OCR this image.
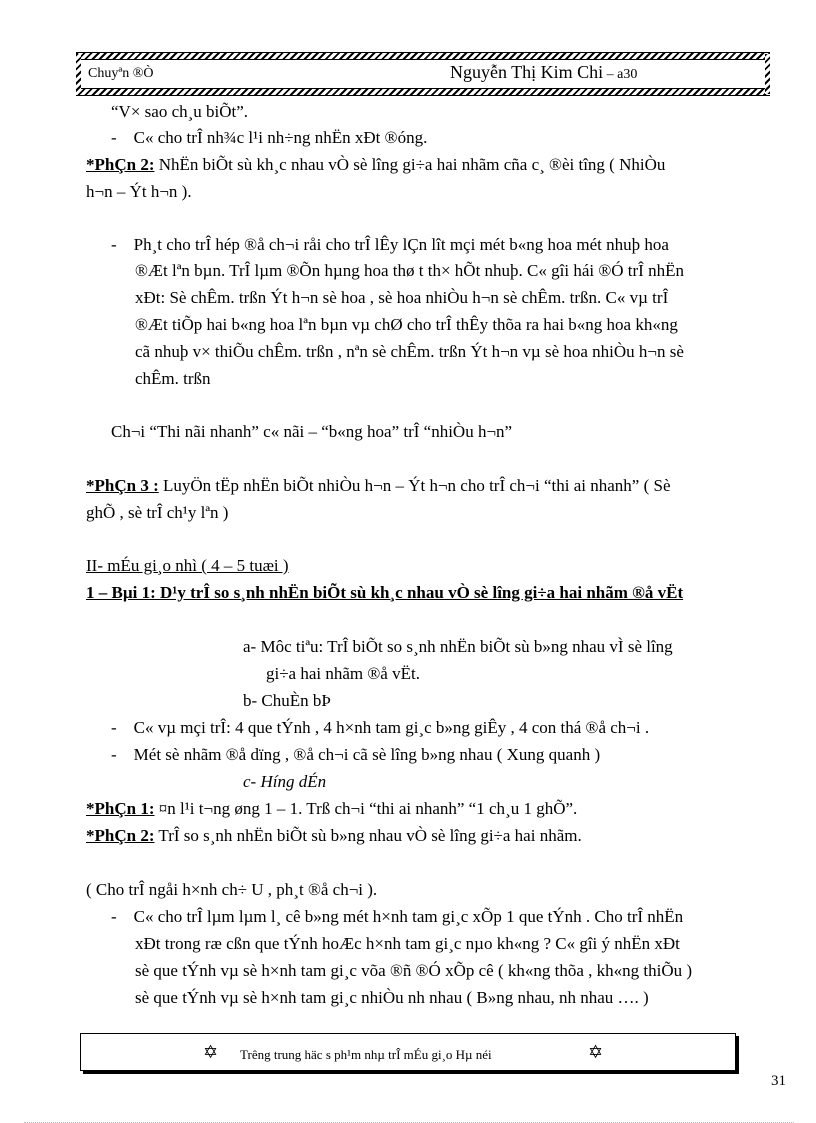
Chuyªn ®Ò	Nguyễn Thị Kim Chi – a30
“V× sao ch¸u biÕt”.
-    C« cho trÎ nh¾c l¹i nh÷ng nhËn xÐt ®óng.
*PhÇn 2: NhËn biÕt sù kh¸c nhau vÒ sè lîng gi÷a hai nhãm cña c¸ ®èi tîng ( NhiÒu
h¬n – Ýt h¬n ).
-    Ph¸t cho trÎ hép ®å ch¬i råi cho trÎ lÊy lÇn lît mçi mét b«ng hoa mét nhuþ hoa
®Æt lªn bµn. TrÎ lµm ®Õn hµng hoa thø t th× hÕt nhuþ. C« gîi hái ®Ó trÎ nhËn
xÐt: Sè chÊm. trßn Ýt h¬n sè hoa , sè hoa nhiÒu h¬n sè chÊm. trßn. C« vµ trÎ
®Æt tiÕp hai b«ng hoa lªn bµn vµ chØ cho trÎ thÊy thõa ra hai b«ng hoa kh«ng
cã nhuþ v× thiÕu chÊm. trßn , nªn sè chÊm. trßn Ýt h¬n vµ sè hoa nhiÒu h¬n sè
chÊm. trßn
Ch¬i “Thi nãi nhanh” c« nãi – “b«ng hoa” trÎ “nhiÒu h¬n”
*PhÇn 3 : LuyÖn tËp nhËn biÕt nhiÒu h¬n – Ýt h¬n cho trÎ ch¬i “thi ai nhanh” ( Sè
ghÕ , sè trÎ ch¹y lªn )
II- mÉu gi¸o nhì ( 4 – 5 tuæi )
1 – Bµi 1: D¹y trÎ so s¸nh nhËn biÕt sù kh¸c nhau vÒ sè lîng gi÷a hai nhãm ®å vËt
a- Môc tiªu: TrÎ biÕt so s¸nh nhËn biÕt sù b»ng nhau vÌ sè lîng
gi÷a hai nhãm ®å vËt.
b- ChuÈn bÞ
-    C« vµ mçi trÎ: 4 que tÝnh , 4 h×nh tam gi¸c b»ng giÊy , 4 con thá ®å ch¬i .
-    Mét sè nhãm ®å dïng , ®å ch¬i cã sè lîng b»ng nhau ( Xung quanh )
c- Híng dÉn
*PhÇn 1: ¤n l¹i t¬ng øng 1 – 1. Trß ch¬i “thi ai nhanh” “1 ch¸u 1 ghÕ”.
*PhÇn 2: TrÎ so s¸nh nhËn biÕt sù b»ng nhau vÒ sè lîng gi÷a hai nhãm.
( Cho trÎ ngåi h×nh ch÷ U , ph¸t ®å ch¬i ).
-    C« cho trÎ lµm lµm l¸ cê b»ng mét h×nh tam gi¸c xÕp 1 que tÝnh . Cho trÎ nhËn
xÐt trong ræ cßn que tÝnh hoÆc h×nh tam gi¸c nµo kh«ng ? C« gîi ý nhËn xÐt
sè que tÝnh vµ sè h×nh tam gi¸c võa ®ñ ®Ó xÕp cê ( kh«ng thõa , kh«ng thiÕu )
sè que tÝnh vµ sè h×nh tam gi¸c nhiÒu nh nhau ( B»ng nhau, nh nhau …. )
✡ Trêng trung häc s ph¹m nhµ trÎ mÉu gi¸o Hµ néi	✡
31
